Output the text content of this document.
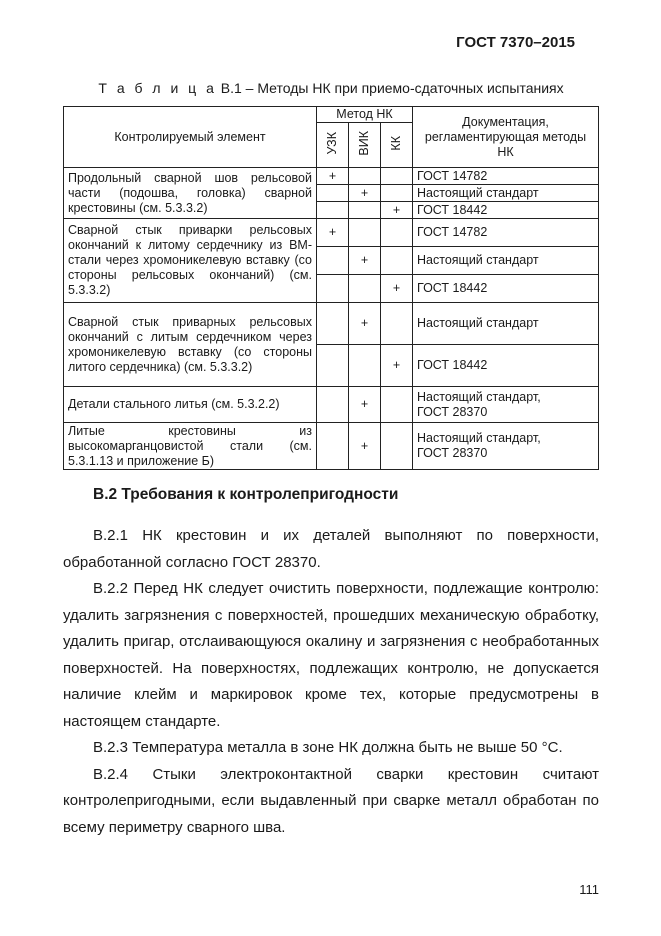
ГОСТ 7370–2015
Т а б л и ц а В.1 – Методы НК при приемо-сдаточных испытаниях
Контролируемый элемент	Метод НК			Документация, регламентирующая методы НК
	УЗК	ВИК	КК	
Продольный сварной шов рельсовой части (подошва, головка) сварной крестовины (см. 5.3.3.2)	+			ГОСТ 14782
		+		Настоящий стандарт
			+	ГОСТ 18442
Сварной стык приварки рельсовых окончаний к литому сердечнику из ВМ-стали через хромоникелевую вставку (со стороны рельсовых окончаний) (см. 5.3.3.2)	+			ГОСТ 14782
		+		Настоящий стандарт
			+	ГОСТ 18442
Сварной стык приварных рельсовых окончаний с литым сердечником через хромоникелевую вставку (со стороны литого сердечника) (см. 5.3.3.2)		+		Настоящий стандарт
			+	ГОСТ 18442
Детали стального литья (см. 5.3.2.2)		+		Настоящий стандарт,
ГОСТ 28370

Литые крестовины из высокомарганцовистой стали (см. 5.3.1.13 и приложение Б)		+		Настоящий стандарт,
ГОСТ 28370
В.2 Требования к контролепригодности

В.2.1 НК крестовин и их деталей выполняют по поверхности, обработанной согласно ГОСТ 28370.

В.2.2 Перед НК следует очистить поверхности, подлежащие контролю: удалить загрязнения с поверхностей, прошедших механическую обработку, удалить пригар, отслаивающуюся окалину и загрязнения с необработанных поверхностей. На поверхностях, подлежащих контролю, не допускается наличие клейм и маркировок кроме тех, которые предусмотрены в настоящем стандарте.

В.2.3 Температура металла в зоне НК должна быть не выше 50 °С.

В.2.4 Стыки электроконтактной сварки крестовин считают контролепригодными, если выдавленный при сварке металл обработан по всему периметру сварного шва.

111
